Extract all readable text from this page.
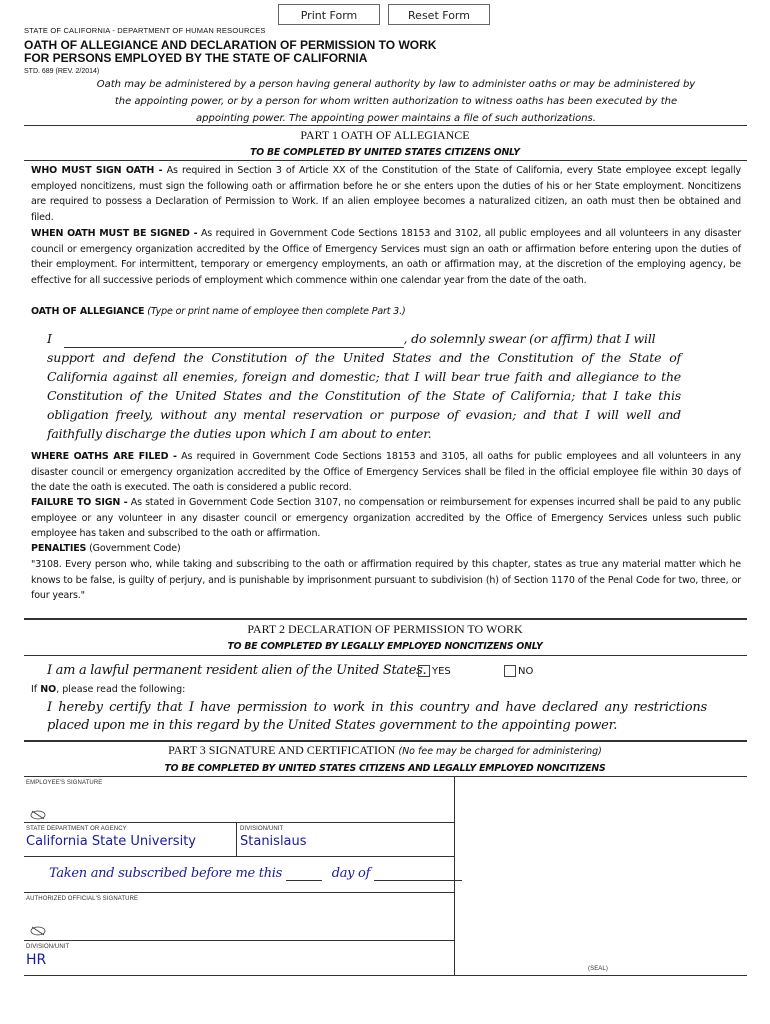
Print Form	Reset Form
STATE OF CALIFORNIA - DEPARTMENT OF HUMAN RESOURCES
OATH OF ALLEGIANCE AND DECLARATION OF PERMISSION TO WORK
FOR PERSONS EMPLOYED BY THE STATE OF CALIFORNIA
STD. 689 (REV. 2/2014)
Oath may be administered by a person having general authority by law to administer oaths or may be administered by the appointing power, or by a person for whom written authorization to witness oaths has been executed by the appointing power. The appointing power maintains a file of such authorizations.
PART 1 OATH OF ALLEGIANCE
TO BE COMPLETED BY UNITED STATES CITIZENS ONLY
WHO MUST SIGN OATH - As required in Section 3 of Article XX of the Constitution of the State of California, every State employee except legally employed noncitizens, must sign the following oath or affirmation before he or she enters upon the duties of his or her State employment. Noncitizens are required to possess a Declaration of Permission to Work. If an alien employee becomes a naturalized citizen, an oath must then be obtained and filed.
WHEN OATH MUST BE SIGNED - As required in Government Code Sections 18153 and 3102, all public employees and all volunteers in any disaster council or emergency organization accredited by the Office of Emergency Services must sign an oath or affirmation before entering upon the duties of their employment. For intermittent, temporary or emergency employments, an oath or affirmation may, at the discretion of the employing agency, be effective for all successive periods of employment which commence within one calendar year from the date of the oath.
OATH OF ALLEGIANCE (Type or print name of employee then complete Part 3.)
I	, do solemnly swear (or affirm) that I will
support and defend the Constitution of the United States and the Constitution of the State of California against all enemies, foreign and domestic; that I will bear true faith and allegiance to the Constitution of the United States and the Constitution of the State of California; that I take this obligation freely, without any mental reservation or purpose of evasion; and that I will well and faithfully discharge the duties upon which I am about to enter.
WHERE OATHS ARE FILED - As required in Government Code Sections 18153 and 3105, all oaths for public employees and all volunteers in any disaster council or emergency organization accredited by the Office of Emergency Services shall be filed in the official employee file within 30 days of the date the oath is executed. The oath is considered a public record.
FAILURE TO SIGN - As stated in Government Code Section 3107, no compensation or reimbursement for expenses incurred shall be paid to any public employee or any volunteer in any disaster council or emergency organization accredited by the Office of Emergency Services unless such public employee has taken and subscribed to the oath or affirmation.
PENALTIES (Government Code)
"3108. Every person who, while taking and subscribing to the oath or affirmation required by this chapter, states as true any material matter which he knows to be false, is guilty of perjury, and is punishable by imprisonment pursuant to subdivision (h) of Section 1170 of the Penal Code for two, three, or four years."
PART 2 DECLARATION OF PERMISSION TO WORK
TO BE COMPLETED BY LEGALLY EMPLOYED NONCITIZENS ONLY
I am a lawful permanent resident alien of the United States. YES	NO
If NO, please read the following:
I hereby certify that I have permission to work in this country and have declared any restrictions placed upon me in this regard by the United States government to the appointing power.
PART 3 SIGNATURE AND CERTIFICATION (No fee may be charged for administering)
TO BE COMPLETED BY UNITED STATES CITIZENS AND LEGALLY EMPLOYED NONCITIZENS
EMPLOYEE'S SIGNATURE
STATE DEPARTMENT OR AGENCY
California State University
DIVISION/UNIT
Stanislaus
Taken and subscribed before me this	day of
AUTHORIZED OFFICIAL'S SIGNATURE
DIVISION/UNIT
HR
(SEAL)
